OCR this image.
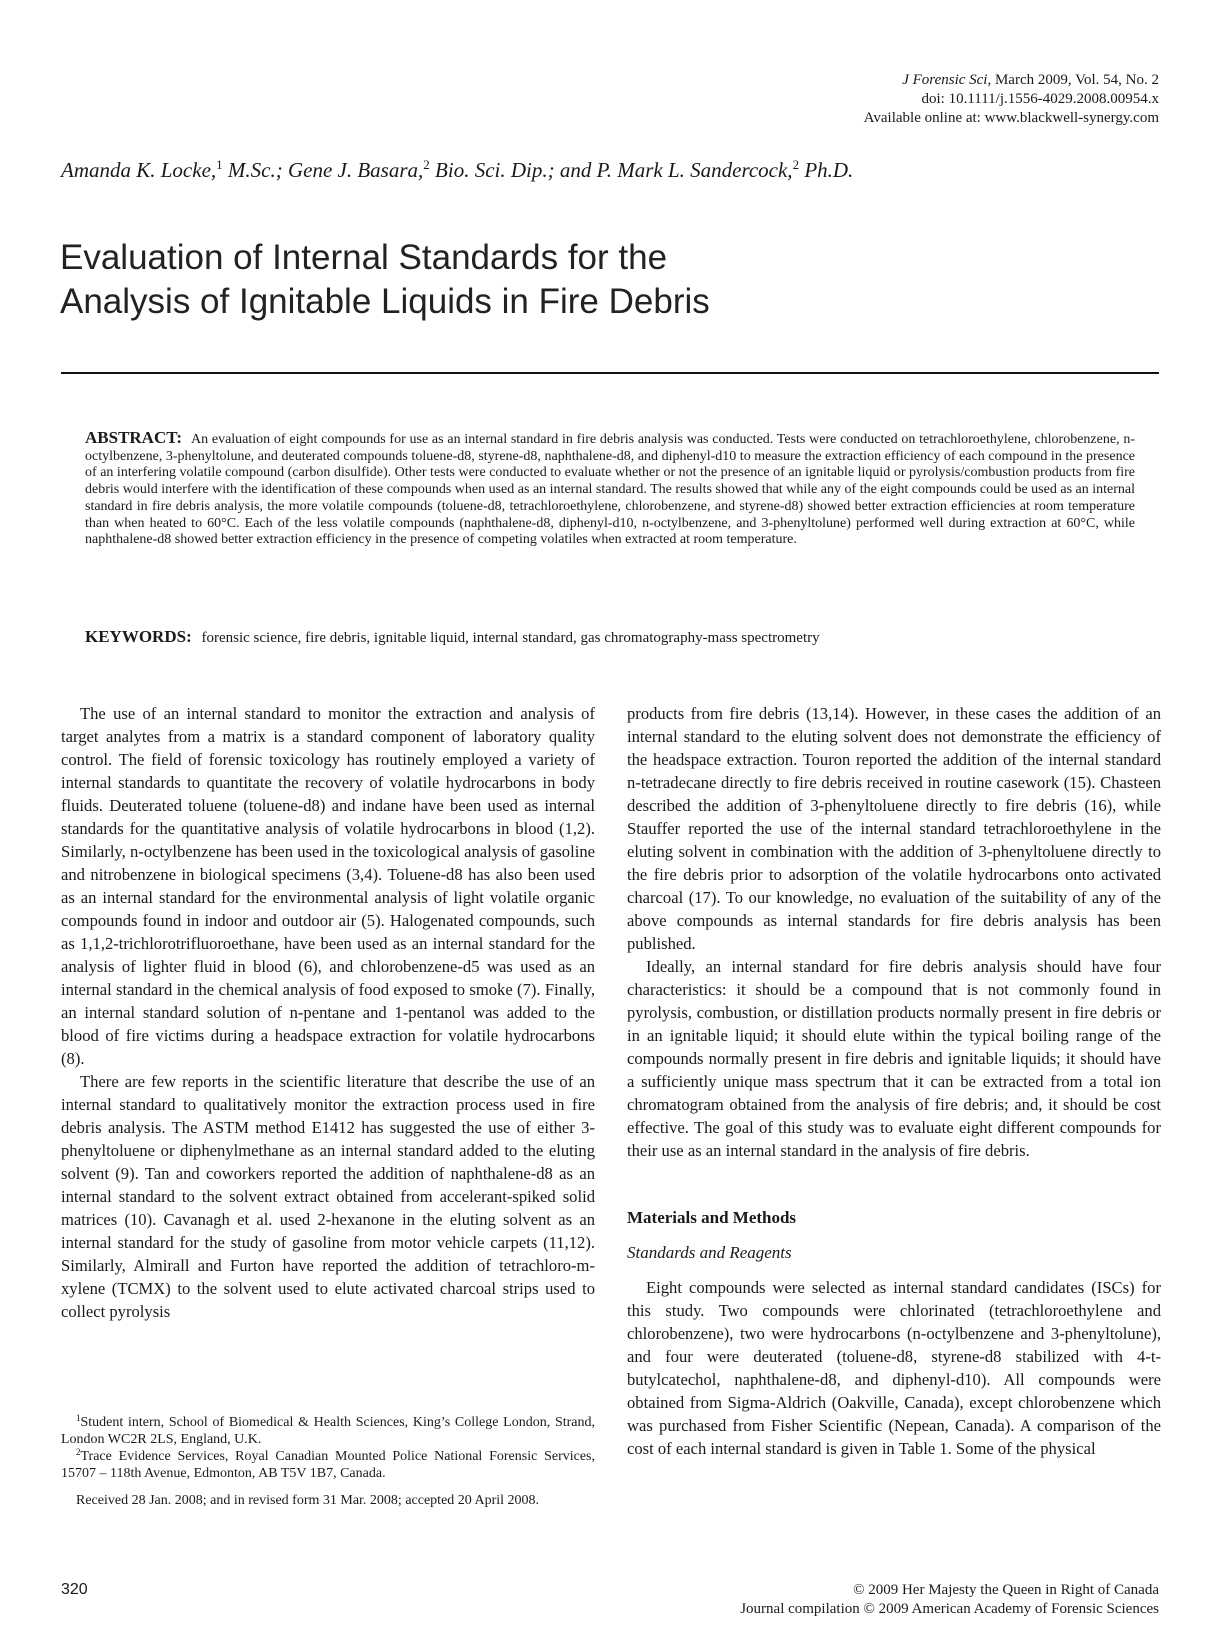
J Forensic Sci, March 2009, Vol. 54, No. 2
doi: 10.1111/j.1556-4029.2008.00954.x
Available online at: www.blackwell-synergy.com
Amanda K. Locke,$^1$ M.Sc.; Gene J. Basara,$^2$ Bio. Sci. Dip.; and P. Mark L. Sandercock,$^2$ Ph.D.
Evaluation of Internal Standards for the
Analysis of Ignitable Liquids in Fire Debris
ABSTRACT: An evaluation of eight compounds for use as an internal standard in fire debris analysis was conducted. Tests were conducted on tetrachloroethylene, chlorobenzene, n-octylbenzene, 3-phenyltolune, and deuterated compounds toluene-d8, styrene-d8, naphthalene-d8, and diphenyl-d10 to measure the extraction efficiency of each compound in the presence of an interfering volatile compound (carbon disulfide). Other tests were conducted to evaluate whether or not the presence of an ignitable liquid or pyrolysis/combustion products from fire debris would interfere with the identification of these compounds when used as an internal standard. The results showed that while any of the eight compounds could be used as an internal standard in fire debris analysis, the more volatile compounds (toluene-d8, tetrachloroethylene, chlorobenzene, and styrene-d8) showed better extraction efficiencies at room temperature than when heated to 60°C. Each of the less volatile compounds (naphthalene-d8, diphenyl-d10, n-octylbenzene, and 3-phenyltolune) performed well during extraction at 60°C, while naphthalene-d8 showed better extraction efficiency in the presence of competing volatiles when extracted at room temperature.
KEYWORDS: forensic science, fire debris, ignitable liquid, internal standard, gas chromatography-mass spectrometry

The use of an internal standard to monitor the extraction and analysis of target analytes from a matrix is a standard component of laboratory quality control. The field of forensic toxicology has routinely employed a variety of internal standards to quantitate the recovery of volatile hydrocarbons in body fluids. Deuterated toluene (toluene-d8) and indane have been used as internal standards for the quantitative analysis of volatile hydrocarbons in blood (1,2). Similarly, n-octylbenzene has been used in the toxicological analysis of gasoline and nitrobenzene in biological specimens (3,4). Toluene-d8 has also been used as an internal standard for the environmental analysis of light volatile organic compounds found in indoor and outdoor air (5). Halogenated compounds, such as 1,1,2-trichlorotrifluoroethane, have been used as an internal standard for the analysis of lighter fluid in blood (6), and chlorobenzene-d5 was used as an internal standard in the chemical analysis of food exposed to smoke (7). Finally, an internal standard solution of n-pentane and 1-pentanol was added to the blood of fire victims during a headspace extraction for volatile hydrocarbons (8).

There are few reports in the scientific literature that describe the use of an internal standard to qualitatively monitor the extraction process used in fire debris analysis. The ASTM method E1412 has suggested the use of either 3-phenyltoluene or diphenylmethane as an internal standard added to the eluting solvent (9). Tan and coworkers reported the addition of naphthalene-d8 as an internal standard to the solvent extract obtained from accelerant-spiked solid matrices (10). Cavanagh et al. used 2-hexanone in the eluting solvent as an internal standard for the study of gasoline from motor vehicle carpets (11,12). Similarly, Almirall and Furton have reported the addition of tetrachloro-m-xylene (TCMX) to the solvent used to elute activated charcoal strips used to collect pyrolysis

products from fire debris (13,14). However, in these cases the addition of an internal standard to the eluting solvent does not demonstrate the efficiency of the headspace extraction. Touron reported the addition of the internal standard n-tetradecane directly to fire debris received in routine casework (15). Chasteen described the addition of 3-phenyltoluene directly to fire debris (16), while Stauffer reported the use of the internal standard tetrachloroethylene in the eluting solvent in combination with the addition of 3-phenyltoluene directly to the fire debris prior to adsorption of the volatile hydrocarbons onto activated charcoal (17). To our knowledge, no evaluation of the suitability of any of the above compounds as internal standards for fire debris analysis has been published.

Ideally, an internal standard for fire debris analysis should have four characteristics: it should be a compound that is not commonly found in pyrolysis, combustion, or distillation products normally present in fire debris or in an ignitable liquid; it should elute within the typical boiling range of the compounds normally present in fire debris and ignitable liquids; it should have a sufficiently unique mass spectrum that it can be extracted from a total ion chromatogram obtained from the analysis of fire debris; and, it should be cost effective. The goal of this study was to evaluate eight different compounds for their use as an internal standard in the analysis of fire debris.

Materials and Methods
Standards and Reagents

Eight compounds were selected as internal standard candidates (ISCs) for this study. Two compounds were chlorinated (tetrachloroethylene and chlorobenzene), two were hydrocarbons (n-octylbenzene and 3-phenyltolune), and four were deuterated (toluene-d8, styrene-d8 stabilized with 4-t-butylcatechol, naphthalene-d8, and diphenyl-d10). All compounds were obtained from Sigma-Aldrich (Oakville, Canada), except chlorobenzene which was purchased from Fisher Scientific (Nepean, Canada). A comparison of the cost of each internal standard is given in Table 1. Some of the physical

$^1$Student intern, School of Biomedical & Health Sciences, King’s College London, Strand, London WC2R 2LS, England, U.K.

$^2$Trace Evidence Services, Royal Canadian Mounted Police National Forensic Services, 15707 – 118th Avenue, Edmonton, AB T5V 1B7, Canada.

Received 28 Jan. 2008; and in revised form 31 Mar. 2008; accepted 20 April 2008.

320	© 2009 Her Majesty the Queen in Right of Canada
Journal compilation © 2009 American Academy of Forensic Sciences
